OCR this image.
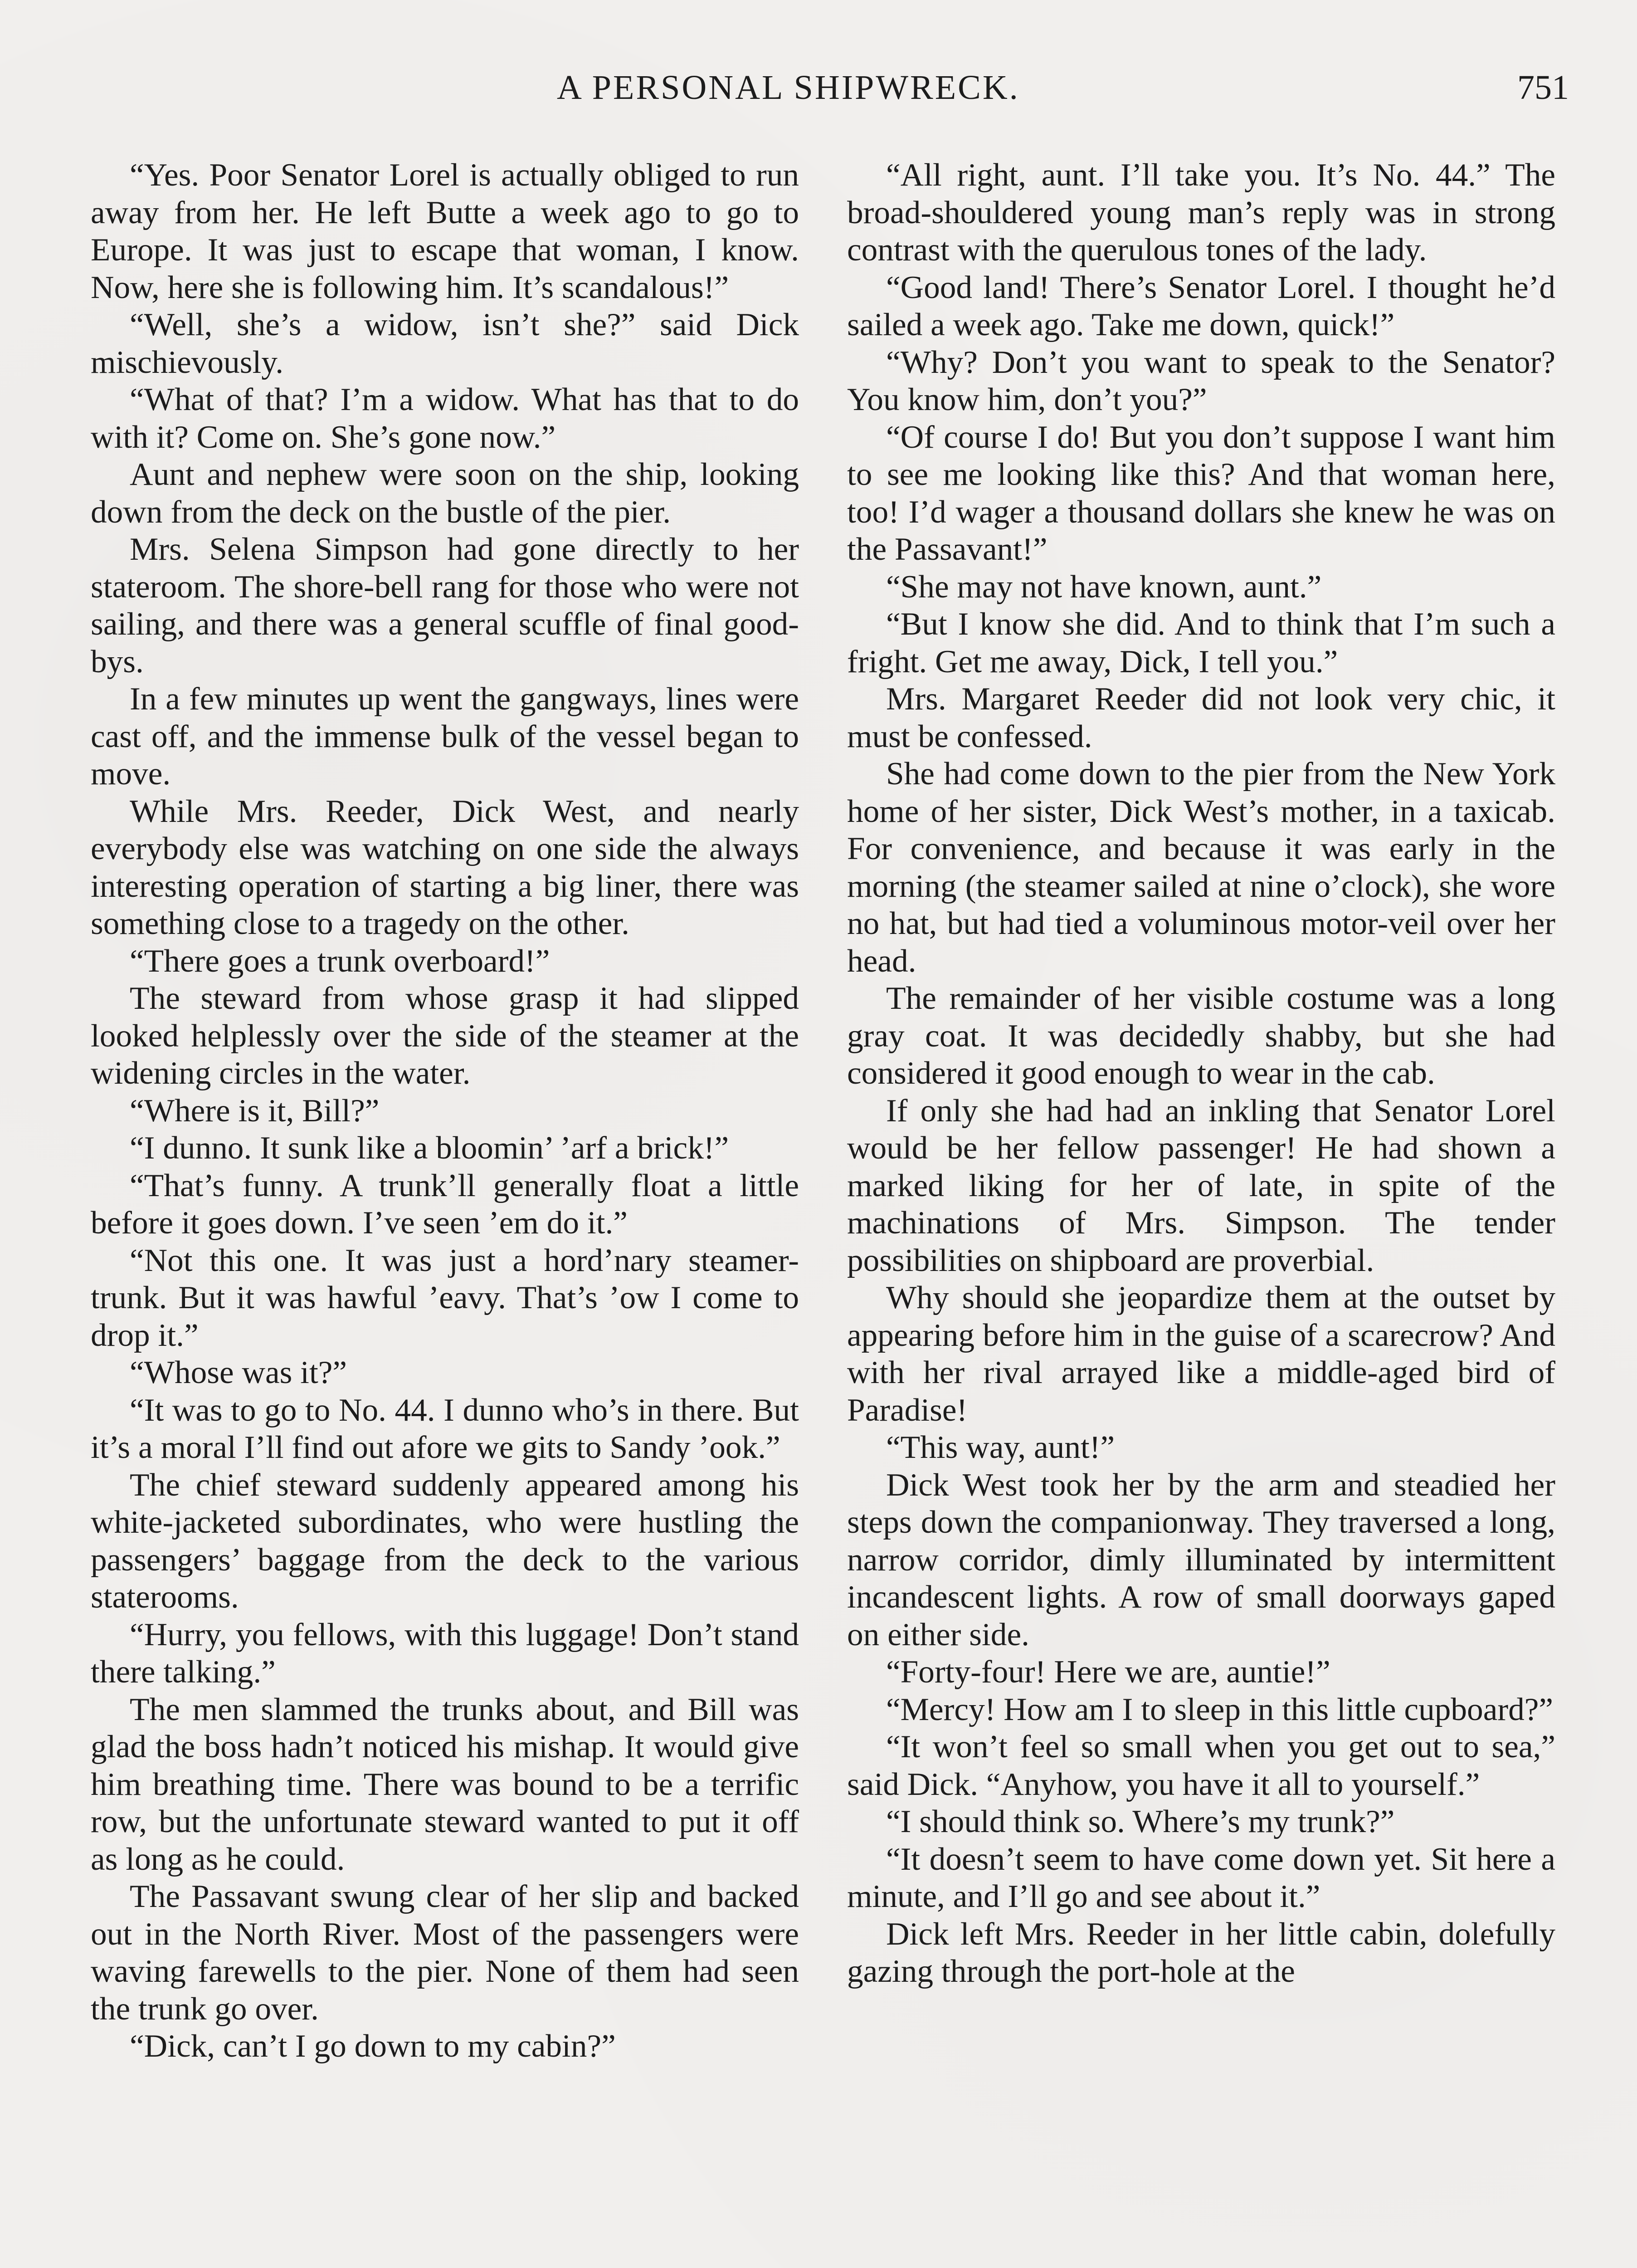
A PERSONAL SHIPWRECK.	751

“Yes. Poor Senator Lorel is actually obliged to run away from her. He left Butte a week ago to go to Europe. It was just to escape that woman, I know. Now, here she is following him. It’s scandalous!”

“Well, she’s a widow, isn’t she?” said Dick mischievously.

“What of that? I’m a widow. What has that to do with it? Come on. She’s gone now.”

Aunt and nephew were soon on the ship, looking down from the deck on the bustle of the pier.

Mrs. Selena Simpson had gone directly to her stateroom. The shore-bell rang for those who were not sailing, and there was a general scuffle of final good-bys.

In a few minutes up went the gangways, lines were cast off, and the immense bulk of the vessel began to move.

While Mrs. Reeder, Dick West, and nearly everybody else was watching on one side the always interesting operation of starting a big liner, there was something close to a tragedy on the other.

“There goes a trunk overboard!”

The steward from whose grasp it had slipped looked helplessly over the side of the steamer at the widening circles in the water.

“Where is it, Bill?”

“I dunno. It sunk like a bloomin’ ’arf a brick!”

“That’s funny. A trunk’ll generally float a little before it goes down. I’ve seen ’em do it.”

“Not this one. It was just a hord’nary steamer-trunk. But it was hawful ’eavy. That’s ’ow I come to drop it.”

“Whose was it?”

“It was to go to No. 44. I dunno who’s in there. But it’s a moral I’ll find out afore we gits to Sandy ’ook.”

The chief steward suddenly appeared among his white-jacketed subordinates, who were hustling the passengers’ baggage from the deck to the various staterooms.

“Hurry, you fellows, with this luggage! Don’t stand there talking.”

The men slammed the trunks about, and Bill was glad the boss hadn’t noticed his mishap. It would give him breathing time. There was bound to be a terrific row, but the unfortunate steward wanted to put it off as long as he could.

The Passavant swung clear of her slip and backed out in the North River. Most of the passengers were waving farewells to the pier. None of them had seen the trunk go over.

“Dick, can’t I go down to my cabin?”

“All right, aunt. I’ll take you. It’s No. 44.” The broad-shouldered young man’s reply was in strong contrast with the querulous tones of the lady.

“Good land! There’s Senator Lorel. I thought he’d sailed a week ago. Take me down, quick!”

“Why? Don’t you want to speak to the Senator? You know him, don’t you?”

“Of course I do! But you don’t suppose I want him to see me looking like this? And that woman here, too! I’d wager a thousand dollars she knew he was on the Passavant!”

“She may not have known, aunt.”

“But I know she did. And to think that I’m such a fright. Get me away, Dick, I tell you.”

Mrs. Margaret Reeder did not look very chic, it must be confessed.

She had come down to the pier from the New York home of her sister, Dick West’s mother, in a taxicab. For convenience, and because it was early in the morning (the steamer sailed at nine o’clock), she wore no hat, but had tied a voluminous motor-veil over her head.

The remainder of her visible costume was a long gray coat. It was decidedly shabby, but she had considered it good enough to wear in the cab.

If only she had had an inkling that Senator Lorel would be her fellow passenger! He had shown a marked liking for her of late, in spite of the machinations of Mrs. Simpson. The tender possibilities on shipboard are proverbial.

Why should she jeopardize them at the outset by appearing before him in the guise of a scarecrow? And with her rival arrayed like a middle-aged bird of Paradise!

“This way, aunt!”

Dick West took her by the arm and steadied her steps down the companionway. They traversed a long, narrow corridor, dimly illuminated by intermittent incandescent lights. A row of small doorways gaped on either side.

“Forty-four! Here we are, auntie!”

“Mercy! How am I to sleep in this little cupboard?”

“It won’t feel so small when you get out to sea,” said Dick. “Anyhow, you have it all to yourself.”

“I should think so. Where’s my trunk?”

“It doesn’t seem to have come down yet. Sit here a minute, and I’ll go and see about it.”

Dick left Mrs. Reeder in her little cabin, dolefully gazing through the port-hole at the
